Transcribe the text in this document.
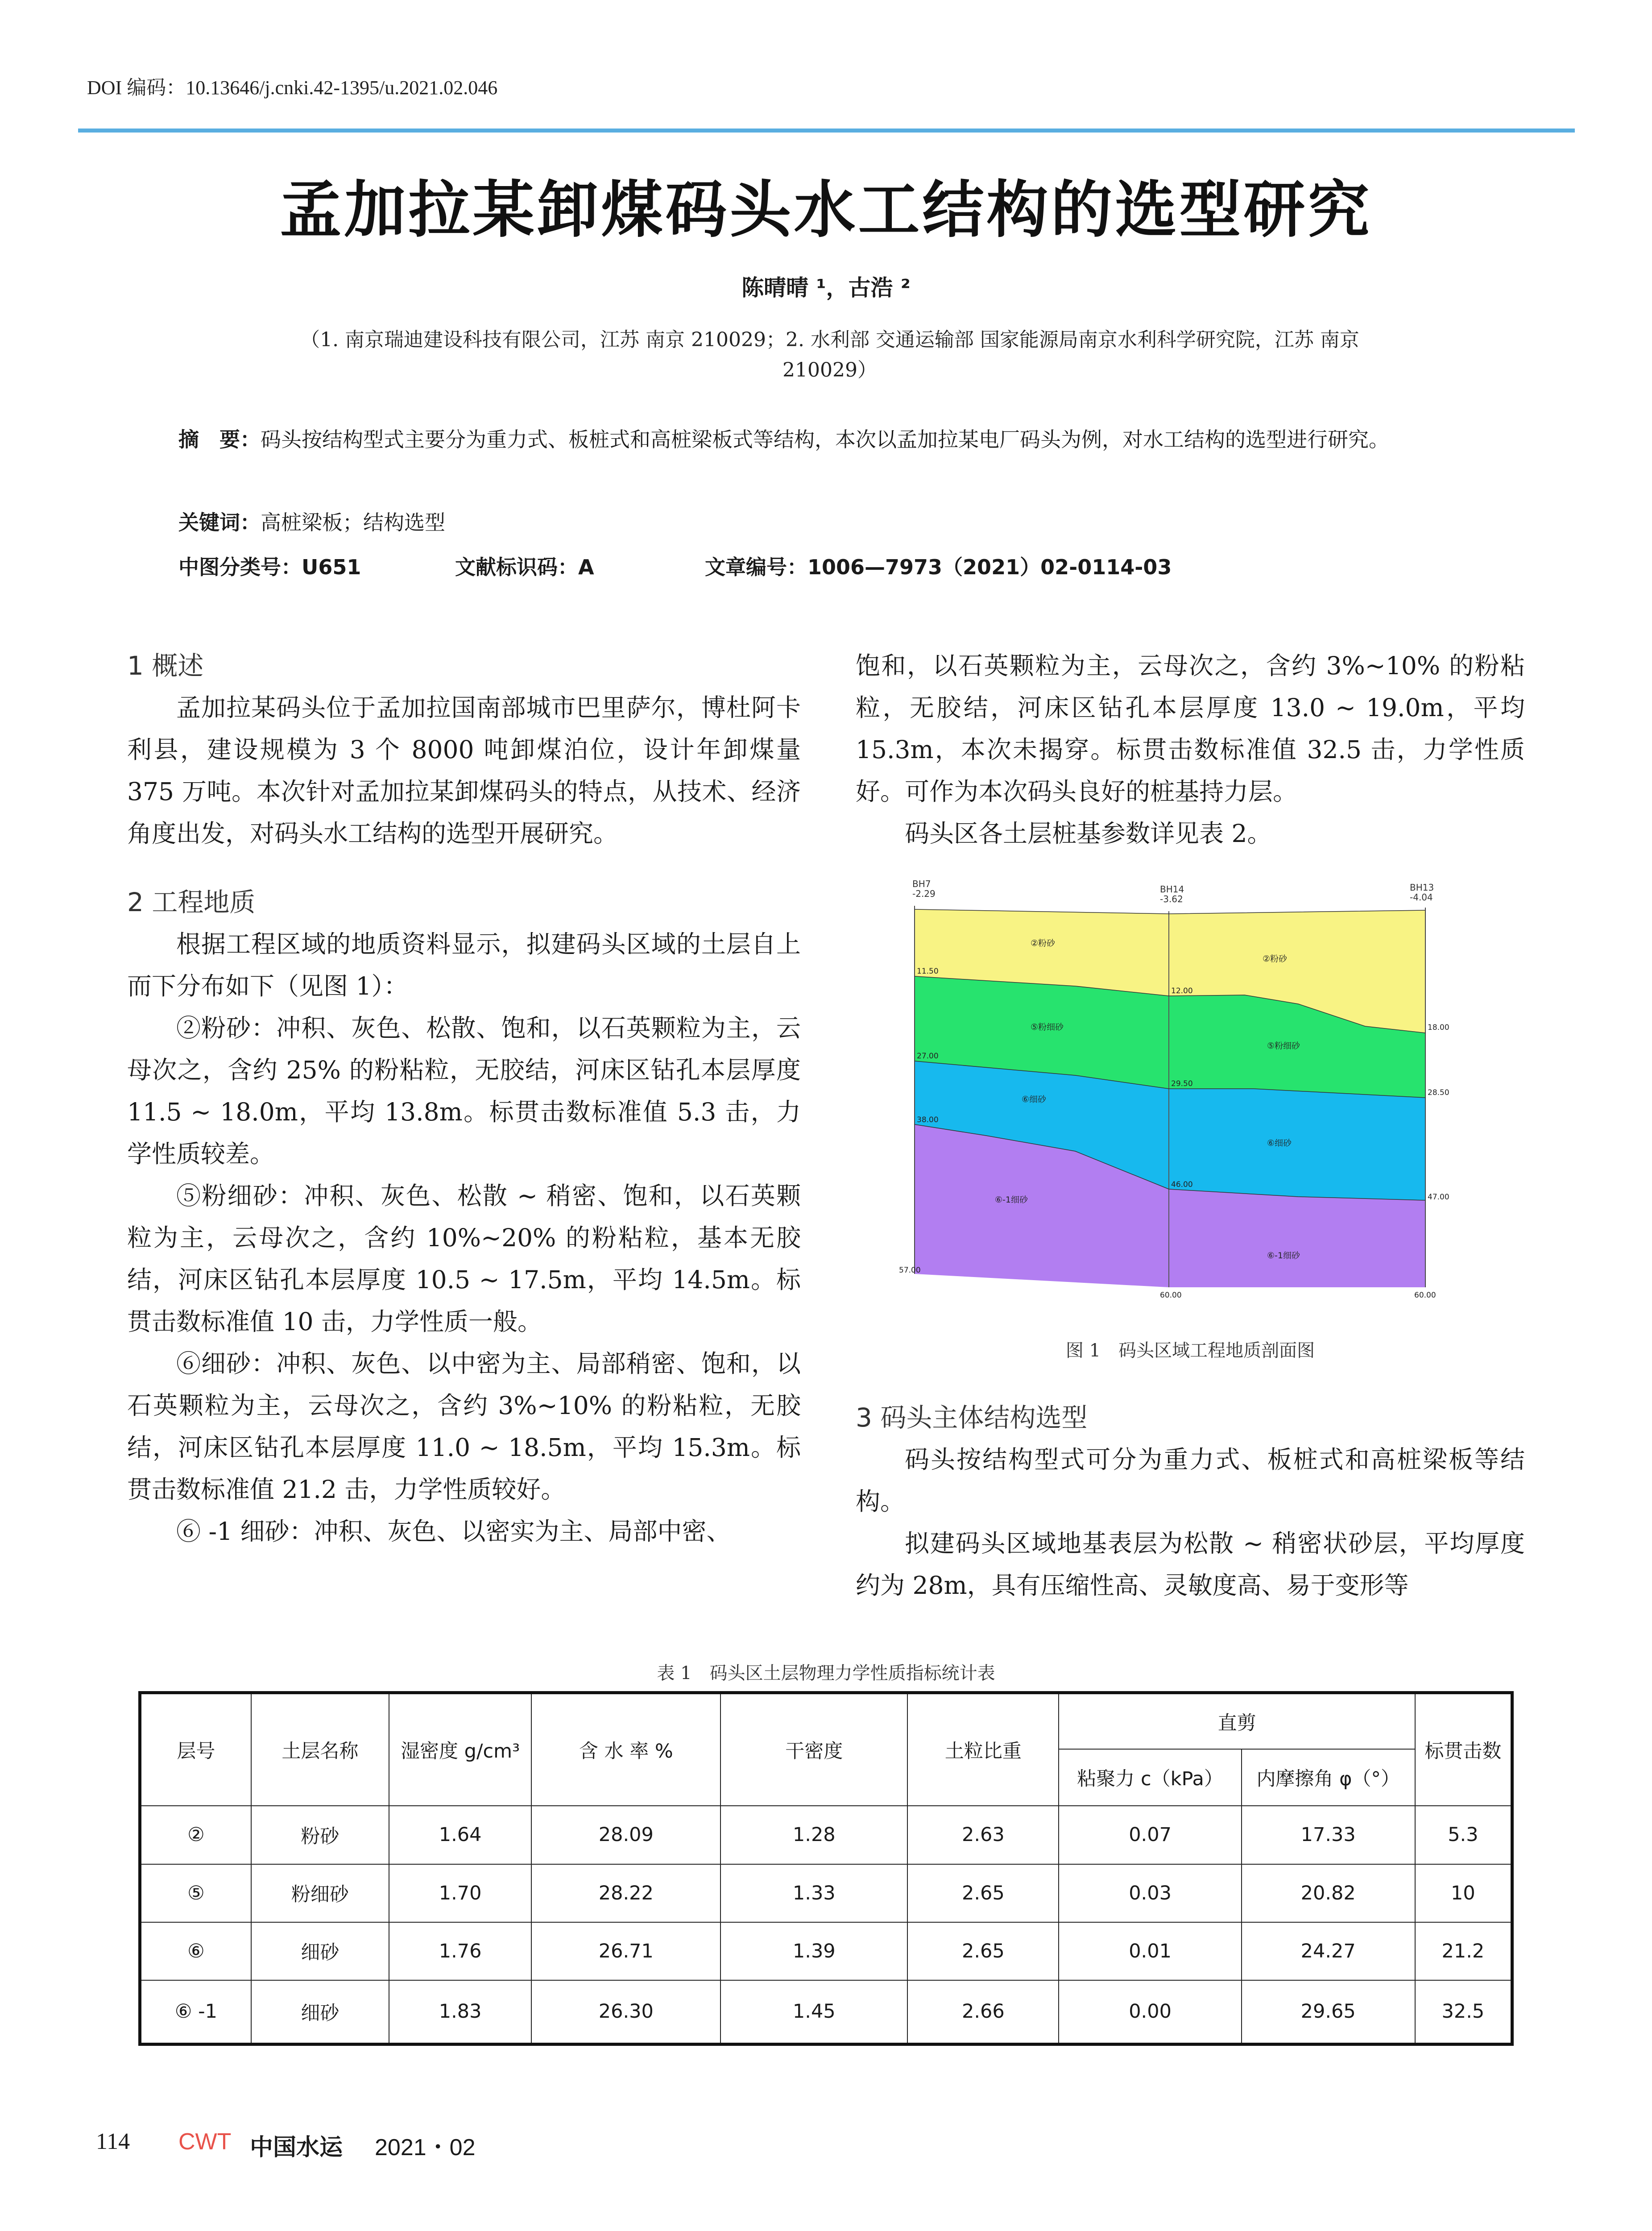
DOI 编码：10.13646/j.cnki.42-1395/u.2021.02.046
孟加拉某卸煤码头水工结构的选型研究
陈晴晴 ¹，古浩 ²
（1. 南京瑞迪建设科技有限公司，江苏 南京 210029；2. 水利部 交通运输部 国家能源局南京水利科学研究院，江苏 南京
210029）
摘　要：码头按结构型式主要分为重力式、板桩式和高桩梁板式等结构，本次以孟加拉某电厂码头为例，对水工结构的选型进行研究。
关键词：高桩梁板；结构选型
中图分类号：U651	文献标识码：A	文章编号：1006—7973（2021）02-0114-03
1 概述

孟加拉某码头位于孟加拉国南部城市巴里萨尔，博杜阿卡利县，建设规模为 3 个 8000 吨卸煤泊位，设计年卸煤量 375 万吨。本次针对孟加拉某卸煤码头的特点，从技术、经济角度出发，对码头水工结构的选型开展研究。

2 工程地质

根据工程区域的地质资料显示，拟建码头区域的土层自上而下分布如下（见图 1）：

②粉砂：冲积、灰色、松散、饱和，以石英颗粒为主，云母次之，含约 25% 的粉粘粒，无胶结，河床区钻孔本层厚度 11.5 ~ 18.0m，平均 13.8m。标贯击数标准值 5.3 击，力学性质较差。

⑤粉细砂：冲积、灰色、松散 ~ 稍密、饱和，以石英颗粒为主，云母次之，含约 10%~20% 的粉粘粒，基本无胶结，河床区钻孔本层厚度 10.5 ~ 17.5m，平均 14.5m。标贯击数标准值 10 击，力学性质一般。

⑥细砂：冲积、灰色、以中密为主、局部稍密、饱和，以石英颗粒为主，云母次之，含约 3%~10% 的粉粘粒，无胶结，河床区钻孔本层厚度 11.0 ~ 18.5m，平均 15.3m。标贯击数标准值 21.2 击，力学性质较好。

⑥ -1 细砂：冲积、灰色、以密实为主、局部中密、

饱和，以石英颗粒为主，云母次之，含约 3%~10% 的粉粘粒，无胶结，河床区钻孔本层厚度 13.0 ~ 19.0m，平均 15.3m，本次未揭穿。标贯击数标准值 32.5 击，力学性质好。可作为本次码头良好的桩基持力层。

码头区各土层桩基参数详见表 2。

BH7
-2.29	BH14
-3.62
BH13
-4.04
11.50
27.00
38.00
57.00
12.00
29.50
46.00
60.00
18.00
28.50
47.00
60.00
②粉砂
②粉砂
⑤粉细砂
⑤粉细砂
⑥细砂
⑥细砂
⑥-1细砂
⑥-1细砂
图 1　码头区域工程地质剖面图
3 码头主体结构选型

码头按结构型式可分为重力式、板桩式和高桩梁板等结构。

拟建码头区域地基表层为松散 ~ 稍密状砂层，平均厚度约为 28m，具有压缩性高、灵敏度高、易于变形等

表 1　码头区土层物理力学性质指标统计表
层号	土层名称	湿密度 g/cm³	含 水 率 %	干密度	土粒比重	直剪		标贯击数
						粘聚力 c（kPa）	内摩擦角 φ（°）	
②	粉砂	1.64	28.09	1.28	2.63	0.07	17.33	5.3
⑤	粉细砂	1.70	28.22	1.33	2.65	0.03	20.82	10
⑥	细砂	1.76	26.71	1.39	2.65	0.01	24.27	21.2
⑥ -1	细砂	1.83	26.30	1.45	2.66	0.00	29.65	32.5
114 CWT 中国水运 2021・02
